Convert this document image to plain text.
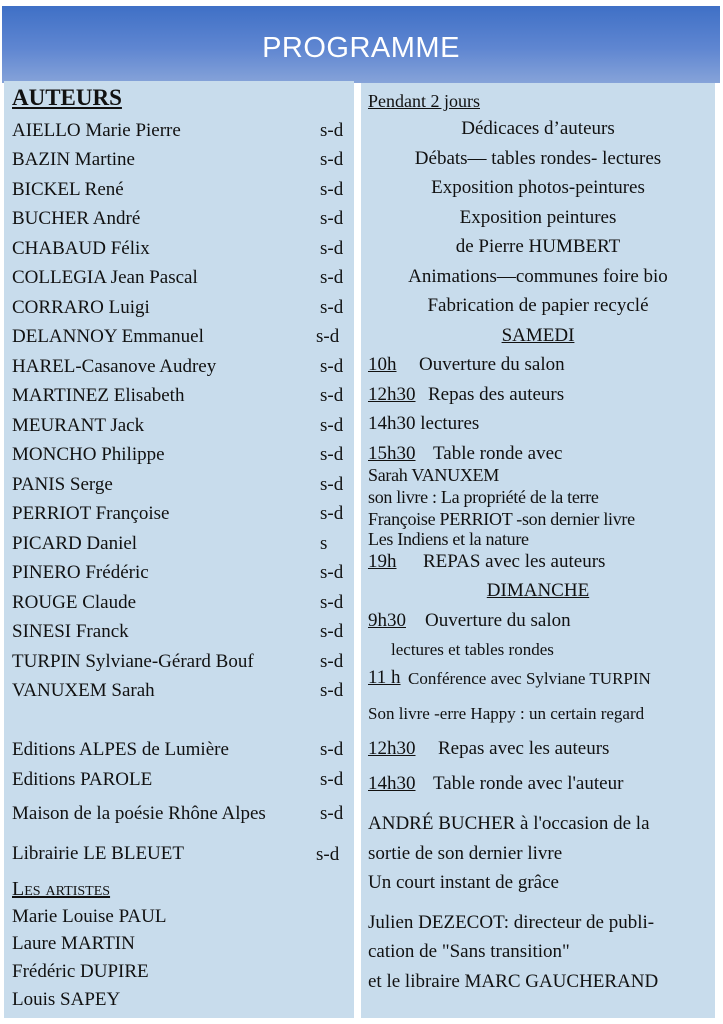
PROGRAMME
AUTEURS
AIELLO Marie Pierre	s-d
BAZIN Martine	s-d
BICKEL René	s-d
BUCHER André	s-d
CHABAUD Félix	s-d
COLLEGIA Jean Pascal	s-d
CORRARO Luigi	s-d
DELANNOY Emmanuel	s-d
HAREL-Casanove Audrey	s-d
MARTINEZ Elisabeth	s-d
MEURANT Jack	s-d
MONCHO Philippe	s-d
PANIS Serge	s-d
PERRIOT Françoise	s-d
PICARD Daniel	s
PINERO Frédéric	s-d
ROUGE Claude	s-d
SINESI Franck	s-d
TURPIN Sylviane-Gérard Bouf	s-d
VANUXEM Sarah	s-d
Editions ALPES de Lumière	s-d
Editions PAROLE	s-d
Maison de la poésie Rhône Alpes	s-d
Librairie LE BLEUET	s-d
Les artistes
Marie Louise PAUL
Laure MARTIN
Frédéric DUPIRE
Louis SAPEY
Pendant 2 jours
Dédicaces d’auteurs
Débats— tables rondes- lectures
Exposition photos-peintures
Exposition peintures
de Pierre HUMBERT
Animations—communes foire bio
Fabrication de papier recyclé
SAMEDI
10h Ouverture du salon
12h30 Repas des auteurs
14h30 lectures
15h30 Table ronde avec
Sarah VANUXEM
son livre : La propriété de la terre
Françoise PERRIOT -son dernier livre
Les Indiens et la nature
19h REPAS avec les auteurs
DIMANCHE
9h30 Ouverture du salon
lectures et tables rondes
11 h Conférence avec Sylviane TURPIN
Son livre -erre Happy : un certain regard
12h30 Repas avec les auteurs
14h30 Table ronde avec l'auteur
ANDRÉ BUCHER à l'occasion de la
sortie de son dernier livre
Un court instant de grâce
Julien DEZECOT: directeur de publi-
cation de "Sans transition"
et le libraire MARC GAUCHERAND
